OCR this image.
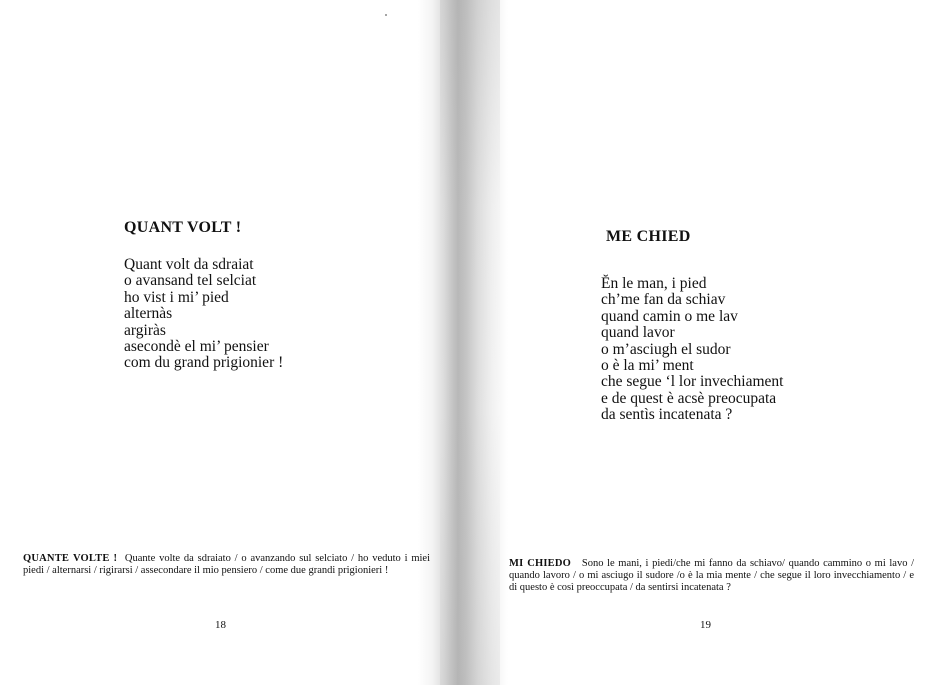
QUANT VOLT !
Quant volt da sdraiat
o avansand tel selciat
ho vist i mi’ pied
alternàs
argiràs
asecondè el mi’ pensier
com du grand prigionier !

QUANTE VOLTE ! Quante volte da sdraiato / o avanzando sul selciato / ho veduto i miei piedi / alternarsi / rigirarsi / assecondare il mio pensiero / come due grandi prigionieri !

18

ME CHIED
Ĕn le man, i pied
ch’me fan da schiav
quand camin o me lav
quand lavor
o m’asciugh el sudor
o è la mi’ ment
che segue ‘l lor invechiament
e de quest è acsè preocupata
da sentìs incatenata ?

MI CHIEDO Sono le mani, i piedi/che mi fanno da schiavo/ quando cammino o mi lavo / quando lavoro / o mi asciugo il sudore /o è la mia mente / che segue il loro invecchiamento / e di questo è così preoccupata / da sentirsi incatenata ?

19
